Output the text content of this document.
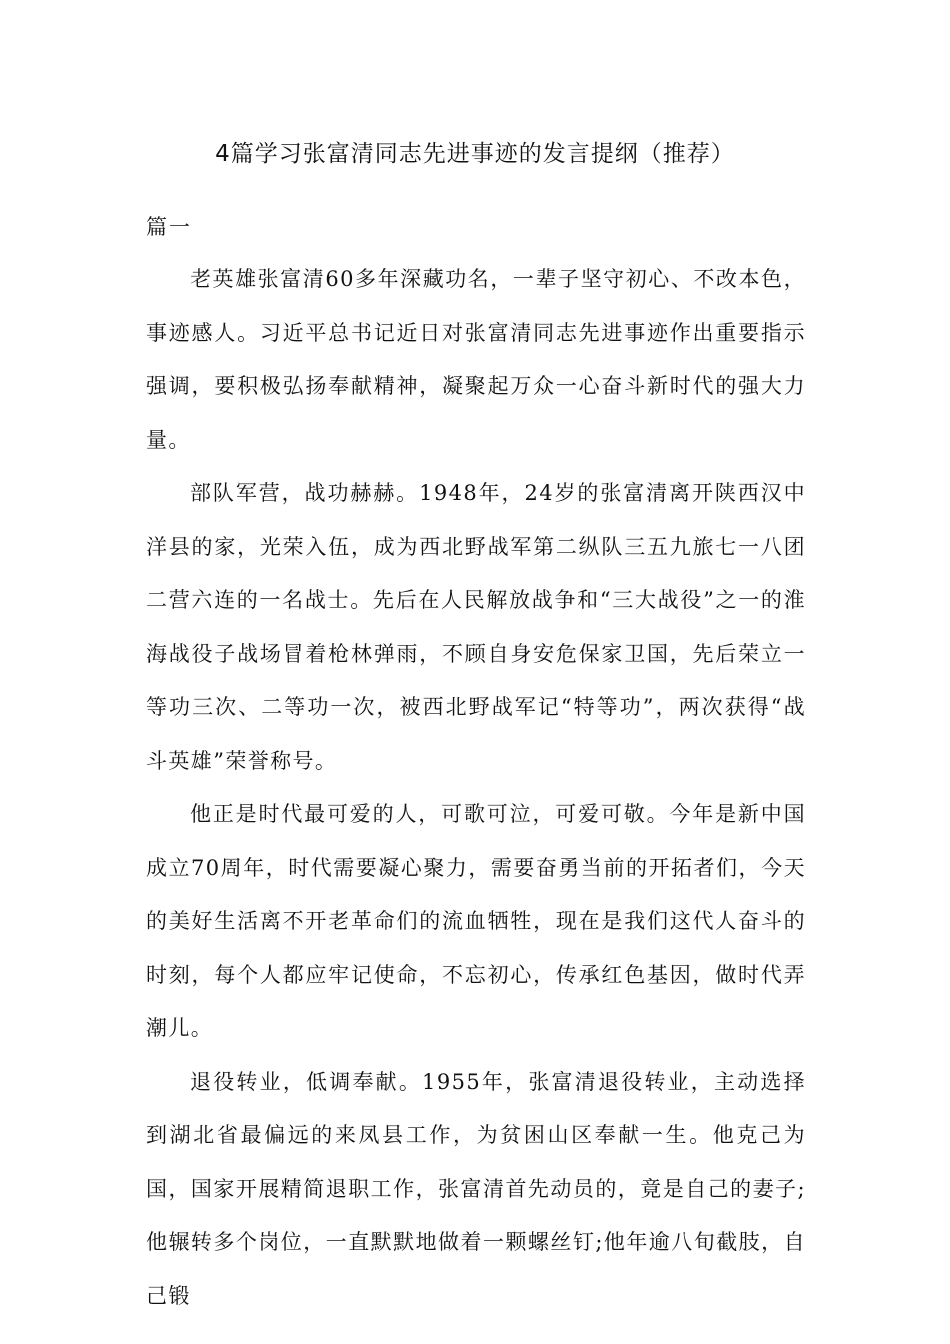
4篇学习张富清同志先进事迹的发言提纲（推荐）

篇一

老英雄张富清60多年深藏功名，一辈子坚守初心、不改本色，事迹感人。习近平总书记近日对张富清同志先进事迹作出重要指示强调，要积极弘扬奉献精神，凝聚起万众一心奋斗新时代的强大力量。

部队军营，战功赫赫。1948年，24岁的张富清离开陕西汉中洋县的家，光荣入伍，成为西北野战军第二纵队三五九旅七一八团二营六连的一名战士。先后在人民解放战争和“三大战役”之一的淮海战役子战场冒着枪林弹雨，不顾自身安危保家卫国，先后荣立一等功三次、二等功一次，被西北野战军记“特等功”，两次获得“战斗英雄”荣誉称号。

他正是时代最可爱的人，可歌可泣，可爱可敬。今年是新中国成立70周年，时代需要凝心聚力，需要奋勇当前的开拓者们，今天的美好生活离不开老革命们的流血牺牲，现在是我们这代人奋斗的时刻，每个人都应牢记使命，不忘初心，传承红色基因，做时代弄潮儿。

退役转业，低调奉献。1955年，张富清退役转业，主动选择到湖北省最偏远的来凤县工作，为贫困山区奉献一生。他克己为国，国家开展精简退职工作，张富清首先动员的，竟是自己的妻子;他辗转多个岗位，一直默默地做着一颗螺丝钉;他年逾八旬截肢，自己锻
